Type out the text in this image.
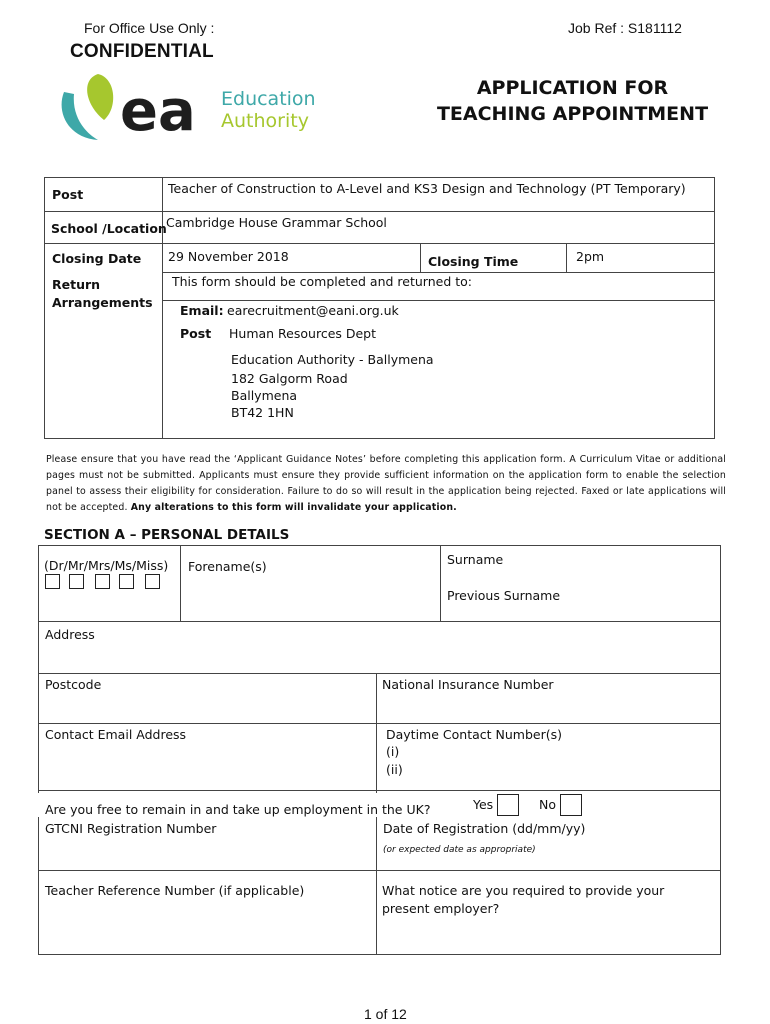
For Office Use Only :	Job Ref : S181112
CONFIDENTIAL
ea Education
Authority
APPLICATION FOR
TEACHING APPOINTMENT
Post	Teacher of Construction to A-Level and KS3 Design and Technology (PT Temporary)
School /Location Cambridge House Grammar School
Closing Date 29 November 2018	Closing Time	2pm
Return
Arrangements
This form should be completed and returned to:
Email: earecruitment@eani.org.uk
Post Human Resources Dept
Education Authority - Ballymena
182 Galgorm Road
Ballymena
BT42 1HN
Please ensure that you have read the ‘Applicant Guidance Notes’ before completing this application form. A Curriculum Vitae or additional pages must not be submitted. Applicants must ensure they provide sufficient information on the application form to enable the selection panel to assess their eligibility for consideration. Failure to do so will result in the application being rejected. Faxed or late applications will not be accepted. Any alterations to this form will invalidate your application.
SECTION A – PERSONAL DETAILS
(Dr/Mr/Mrs/Ms/Miss) Forename(s)	Surname
Previous Surname
Address
Postcode	National Insurance Number
Contact Email Address	Daytime Contact Number(s)
(i)
(ii)
Are you free to remain in and take up employment in the UK?	Yes	No
GTCNI Registration Number	Date of Registration (dd/mm/yy)
(or expected date as appropriate)
Teacher Reference Number (if applicable)	What notice are you required to provide your
present employer?
1 of 12
